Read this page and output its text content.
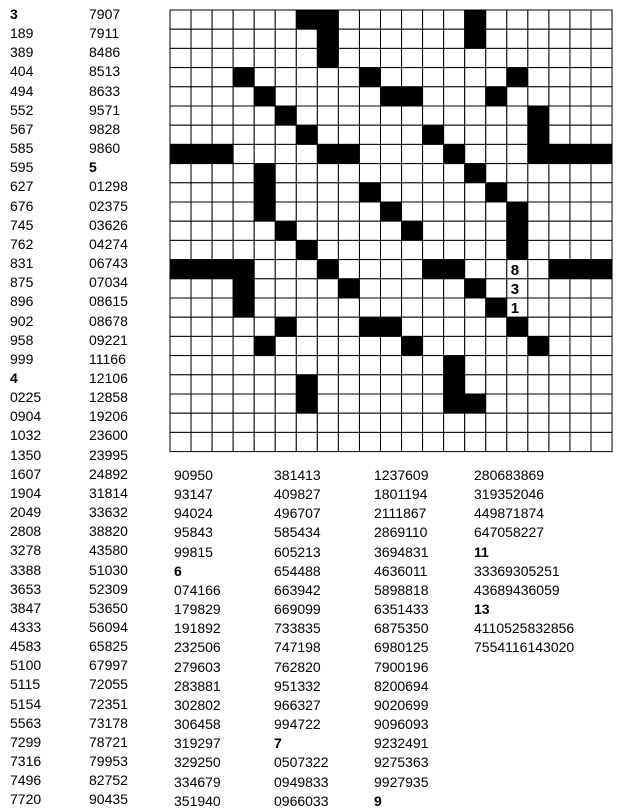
8
3
1
3
189
389
404
494
552
567
585
595
627
676
745
762
831
875
896
902
958
999
4
0225
0904
1032
1350
1607
1904
2049
2808
3278
3388
3653
3847
4333
4583
5100
5115
5154
5563
7299
7316
7496
7720
7907
7911
8486
8513
8633
9571
9828
9860
5
01298
02375
03626
04274
06743
07034
08615
08678
09221
11166
12106
12858
19206
23600
23995
24892
31814
33632
38820
43580
51030
52309
53650
56094
65825
67997
72055
72351
73178
78721
79953
82752
90435
90950
93147
94024
95843
99815
6
074166
179829
191892
232506
279603
283881
302802
306458
319297
329250
334679
351940
381413
409827
496707
585434
605213
654488
663942
669099
733835
747198
762820
951332
966327
994722
7
0507322
0949833
0966033
1237609
1801194
2111867
2869110
3694831
4636011
5898818
6351433
6875350
6980125
7900196
8200694
9020699
9096093
9232491
9275363
9927935
9
280683869
319352046
449871874
647058227
11
33369305251
43689436059
13
4110525832856
7554116143020
